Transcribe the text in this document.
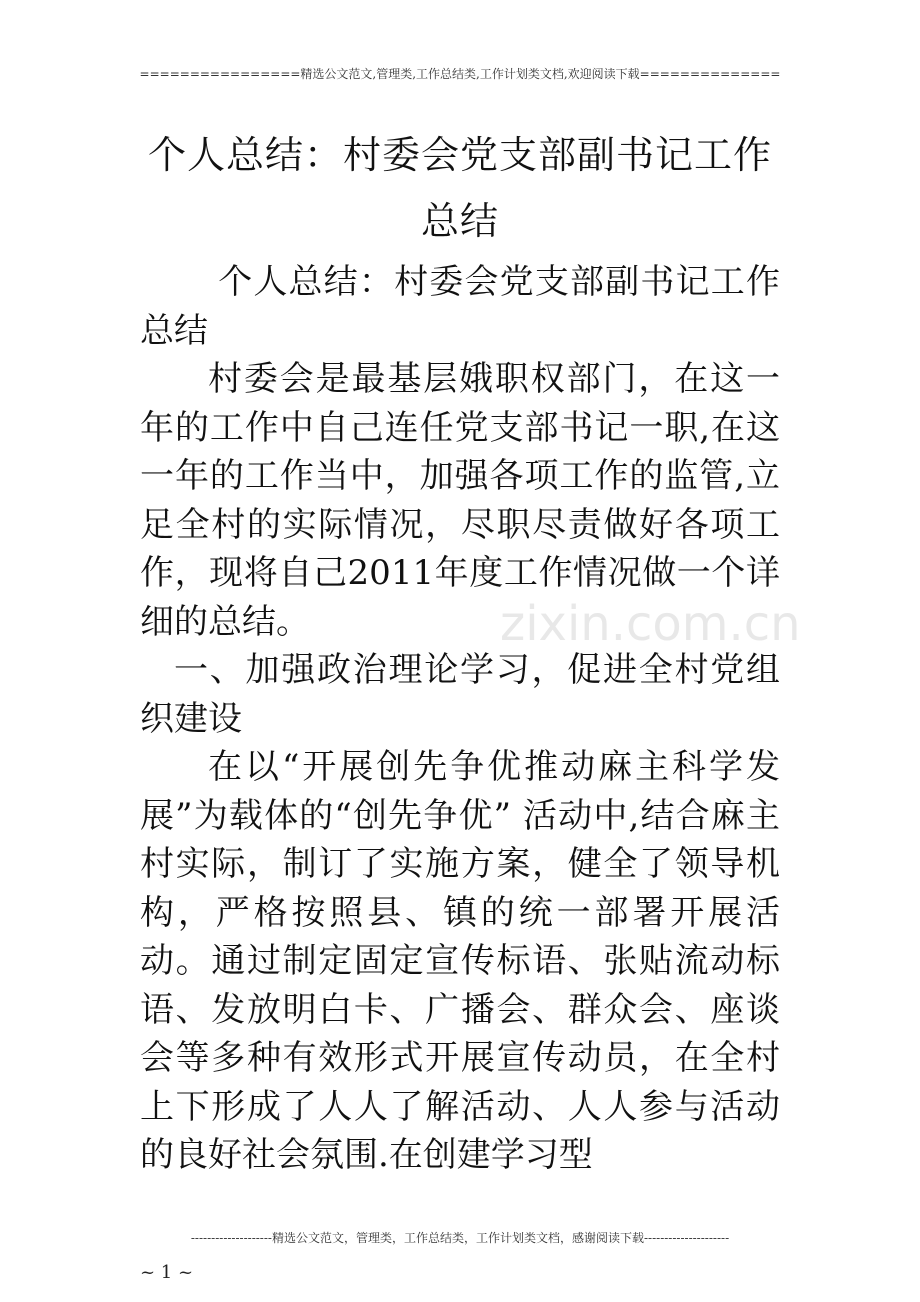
================精选公文范文,管理类,工作总结类,工作计划类文档,欢迎阅读下载==============
个人总结：村委会党支部副书记工作总结

个人总结：村委会党支部副书记工作总结

村委会是最基层娥职权部门，在这一年的工作中自己连任党支部书记一职,在这一年的工作当中，加强各项工作的监管,立足全村的实际情况，尽职尽责做好各项工作，现将自己2011年度工作情况做一个详细的总结。

一、加强政治理论学习，促进全村党组织建设

在以“开展创先争优推动麻主科学发展”为载体的“创先争优” 活动中,结合麻主村实际，制订了实施方案，健全了领导机构，严格按照县、镇的统一部署开展活动。通过制定固定宣传标语、张贴流动标语、发放明白卡、广播会、群众会、座谈会等多种有效形式开展宣传动员，在全村上下形成了人人了解活动、人人参与活动的良好社会氛围.在创建学习型

zixin.com.cn
--------------------精选公文范文，管理类，工作总结类，工作计划类文档，感谢阅读下载---------------------
~ 1 ~
